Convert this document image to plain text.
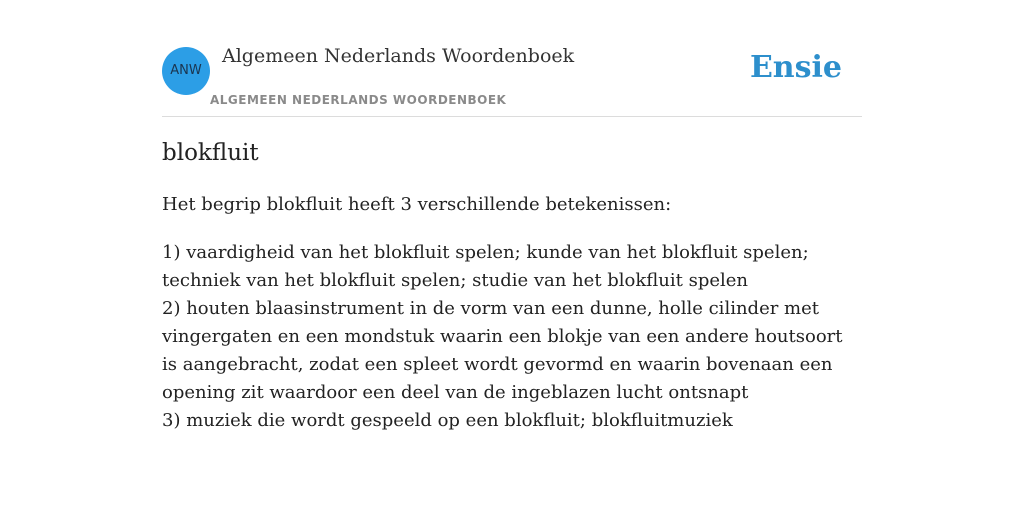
ANW
Algemeen Nederlands Woordenboek
ALGEMEEN NEDERLANDS WOORDENBOEK
Ensie
blokfluit
Het begrip blokfluit heeft 3 verschillende betekenissen:
1) vaardigheid van het blokfluit spelen; kunde van het blokfluit spelen; techniek van het blokfluit spelen; studie van het blokfluit spelen
2) houten blaasinstrument in de vorm van een dunne, holle cilinder met vingergaten en een mondstuk waarin een blokje van een andere houtsoort is aangebracht, zodat een spleet wordt gevormd en waarin bovenaan een opening zit waardoor een deel van de ingeblazen lucht ontsnapt
3) muziek die wordt gespeeld op een blokfluit; blokfluitmuziek
